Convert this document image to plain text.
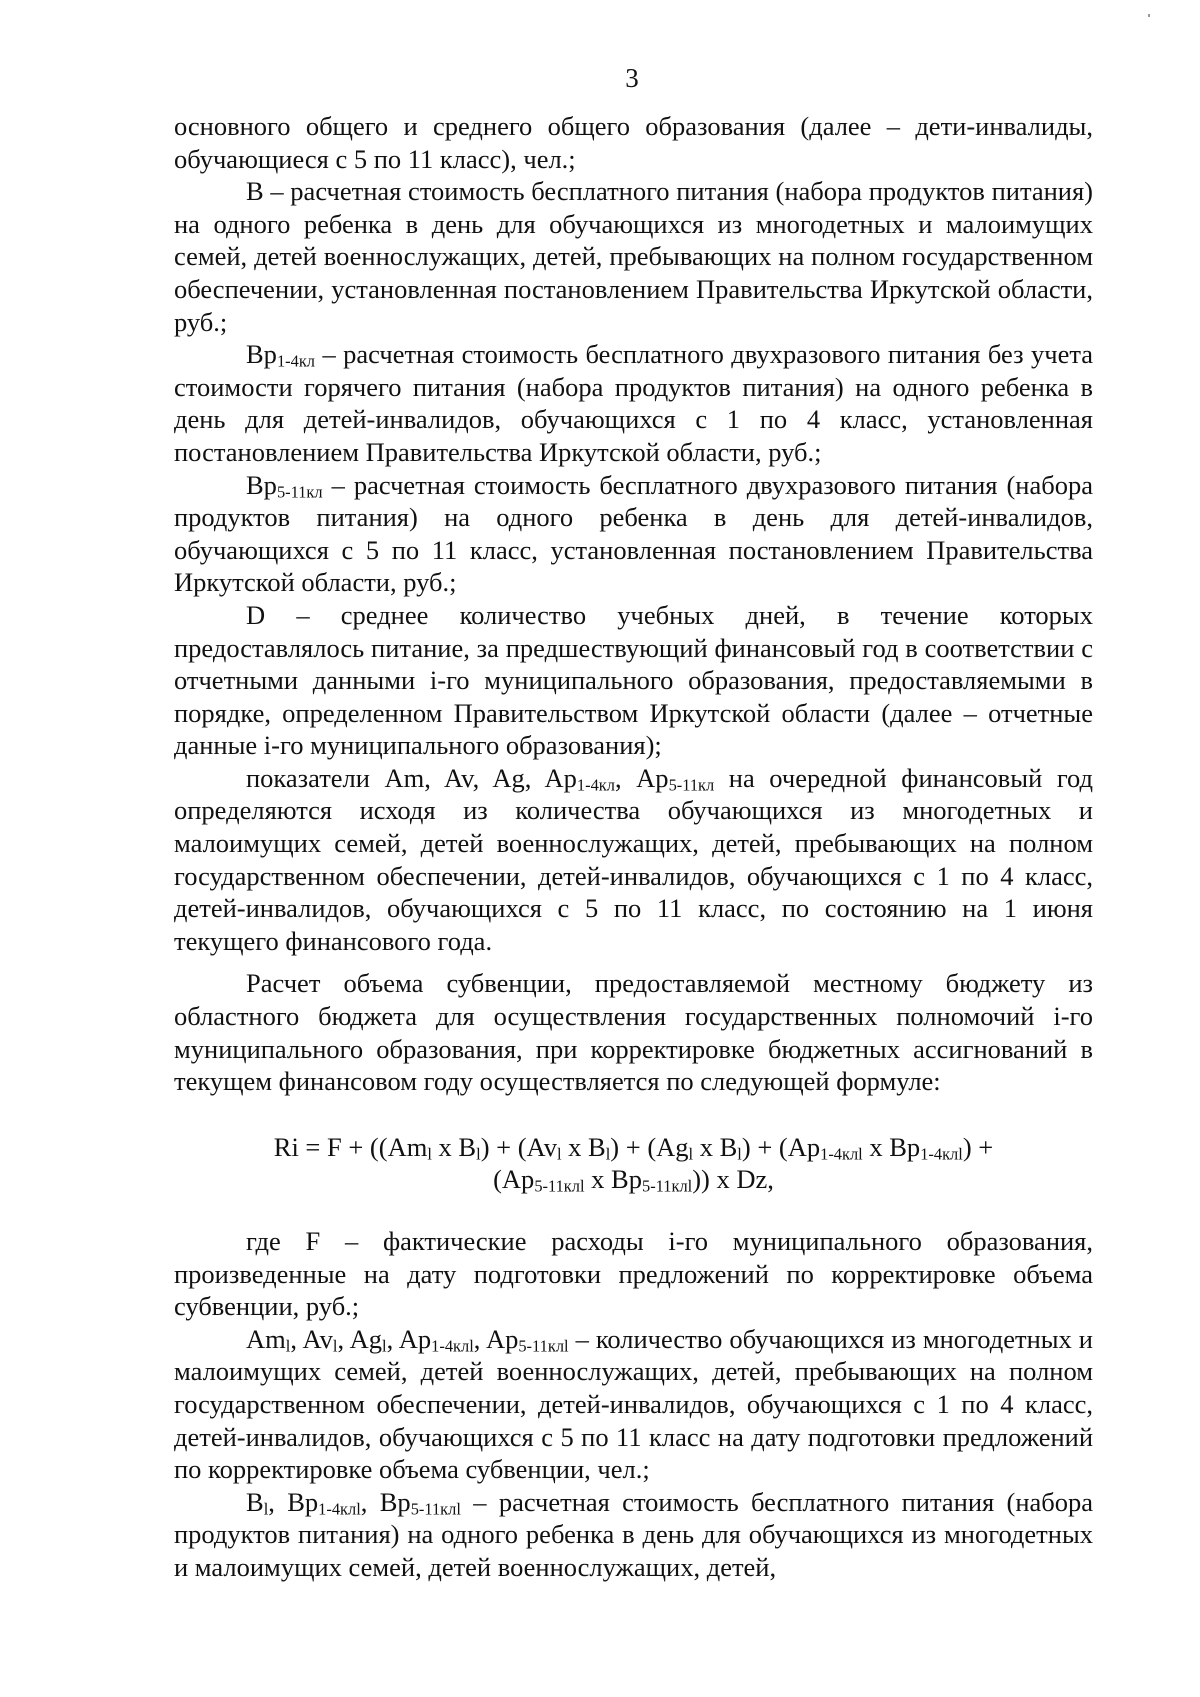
3

основного общего и среднего общего образования (далее – дети-инвалиды, обучающиеся с 5 по 11 класс), чел.;

B – расчетная стоимость бесплатного питания (набора продуктов питания) на одного ребенка в день для обучающихся из многодетных и малоимущих семей, детей военнослужащих, детей, пребывающих на полном государственном обеспечении, установленная постановлением Правительства Иркутской области, руб.;

$Bp_{1-4кл}$ – расчетная стоимость бесплатного двухразового питания без учета стоимости горячего питания (набора продуктов питания) на одного ребенка в день для детей-инвалидов, обучающихся с 1 по 4 класс, установленная постановлением Правительства Иркутской области, руб.;

$Bp_{5-11кл}$ – расчетная стоимость бесплатного двухразового питания (набора продуктов питания) на одного ребенка в день для детей-инвалидов, обучающихся с 5 по 11 класс, установленная постановлением Правительства Иркутской области, руб.;

D – среднее количество учебных дней, в течение которых предоставлялось питание, за предшествующий финансовый год в соответствии с отчетными данными i-го муниципального образования, предоставляемыми в порядке, определенном Правительством Иркутской области (далее – отчетные данные i-го муниципального образования);

показатели Am, Av, Ag, $Ap_{1-4кл}$, $Ap_{5-11кл}$ на очередной финансовый год определяются исходя из количества обучающихся из многодетных и малоимущих семей, детей военнослужащих, детей, пребывающих на полном государственном обеспечении, детей-инвалидов, обучающихся с 1 по 4 класс, детей-инвалидов, обучающихся с 5 по 11 класс, по состоянию на 1 июня текущего финансового года.

Расчет объема субвенции, предоставляемой местному бюджету из областного бюджета для осуществления государственных полномочий i-го муниципального образования, при корректировке бюджетных ассигнований в текущем финансовом году осуществляется по следующей формуле:

$Ri = F + ((Am_l$ x $B_l) + (Av_l$ x $B_l) + (Ag_l$ x $B_l) + (Ap_{1-4клl}$ x $Bp_{1-4клl}$) +
($Ap_{5-11клl}$ x $Bp_{5-11клl}$)) x Dz,

где F – фактические расходы i-го муниципального образования, произведенные на дату подготовки предложений по корректировке объема субвенции, руб.;

$Am_l$, $Av_l$, $Ag_l$, $Ap_{1-4клl}$, $Ap_{5-11клl}$ – количество обучающихся из многодетных и малоимущих семей, детей военнослужащих, детей, пребывающих на полном государственном обеспечении, детей-инвалидов, обучающихся с 1 по 4 класс, детей-инвалидов, обучающихся с 5 по 11 класс на дату подготовки предложений по корректировке объема субвенции, чел.;

$B_l$, $Bp_{1-4клl}$, $Bp_{5-11клl}$ – расчетная стоимость бесплатного питания (набора продуктов питания) на одного ребенка в день для обучающихся из многодетных и малоимущих семей, детей военнослужащих, детей,
